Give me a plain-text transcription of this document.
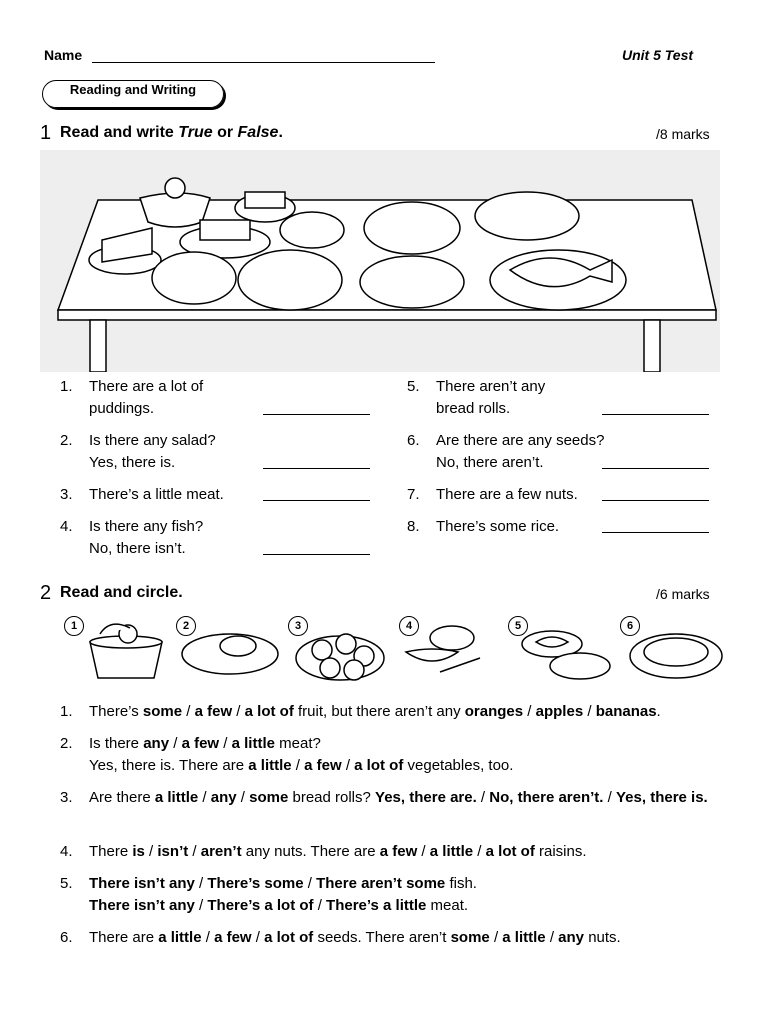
Name	Unit 5 Test
Reading and Writing
1 Read and write True or False.	/8 marks
1. There are a lot of
puddings.
2. Is there any salad?
Yes, there is.
3. There’s a little meat.
4. Is there any fish?
No, there isn’t.
5. There aren’t any
bread rolls.
6. Are there are any seeds?
No, there aren’t.
7. There are a few nuts.
8. There’s some rice.
2 Read and circle.	/6 marks
1	2	3	4	5	6
1. There’s some / a few / a lot of fruit, but there aren’t any oranges / apples / bananas.
2. Is there any / a few / a little meat?
Yes, there is. There are a little / a few / a lot of vegetables, too.
3. Are there a little / any / some bread rolls? Yes, there are. / No, there aren’t. / Yes, there is.
4. There is / isn’t / aren’t any nuts. There are a few / a little / a lot of raisins.
5. There isn’t any / There’s some / There aren’t some fish.
There isn’t any / There’s a lot of / There’s a little meat.
6. There are a little / a few / a lot of seeds. There aren’t some / a little / any nuts.
